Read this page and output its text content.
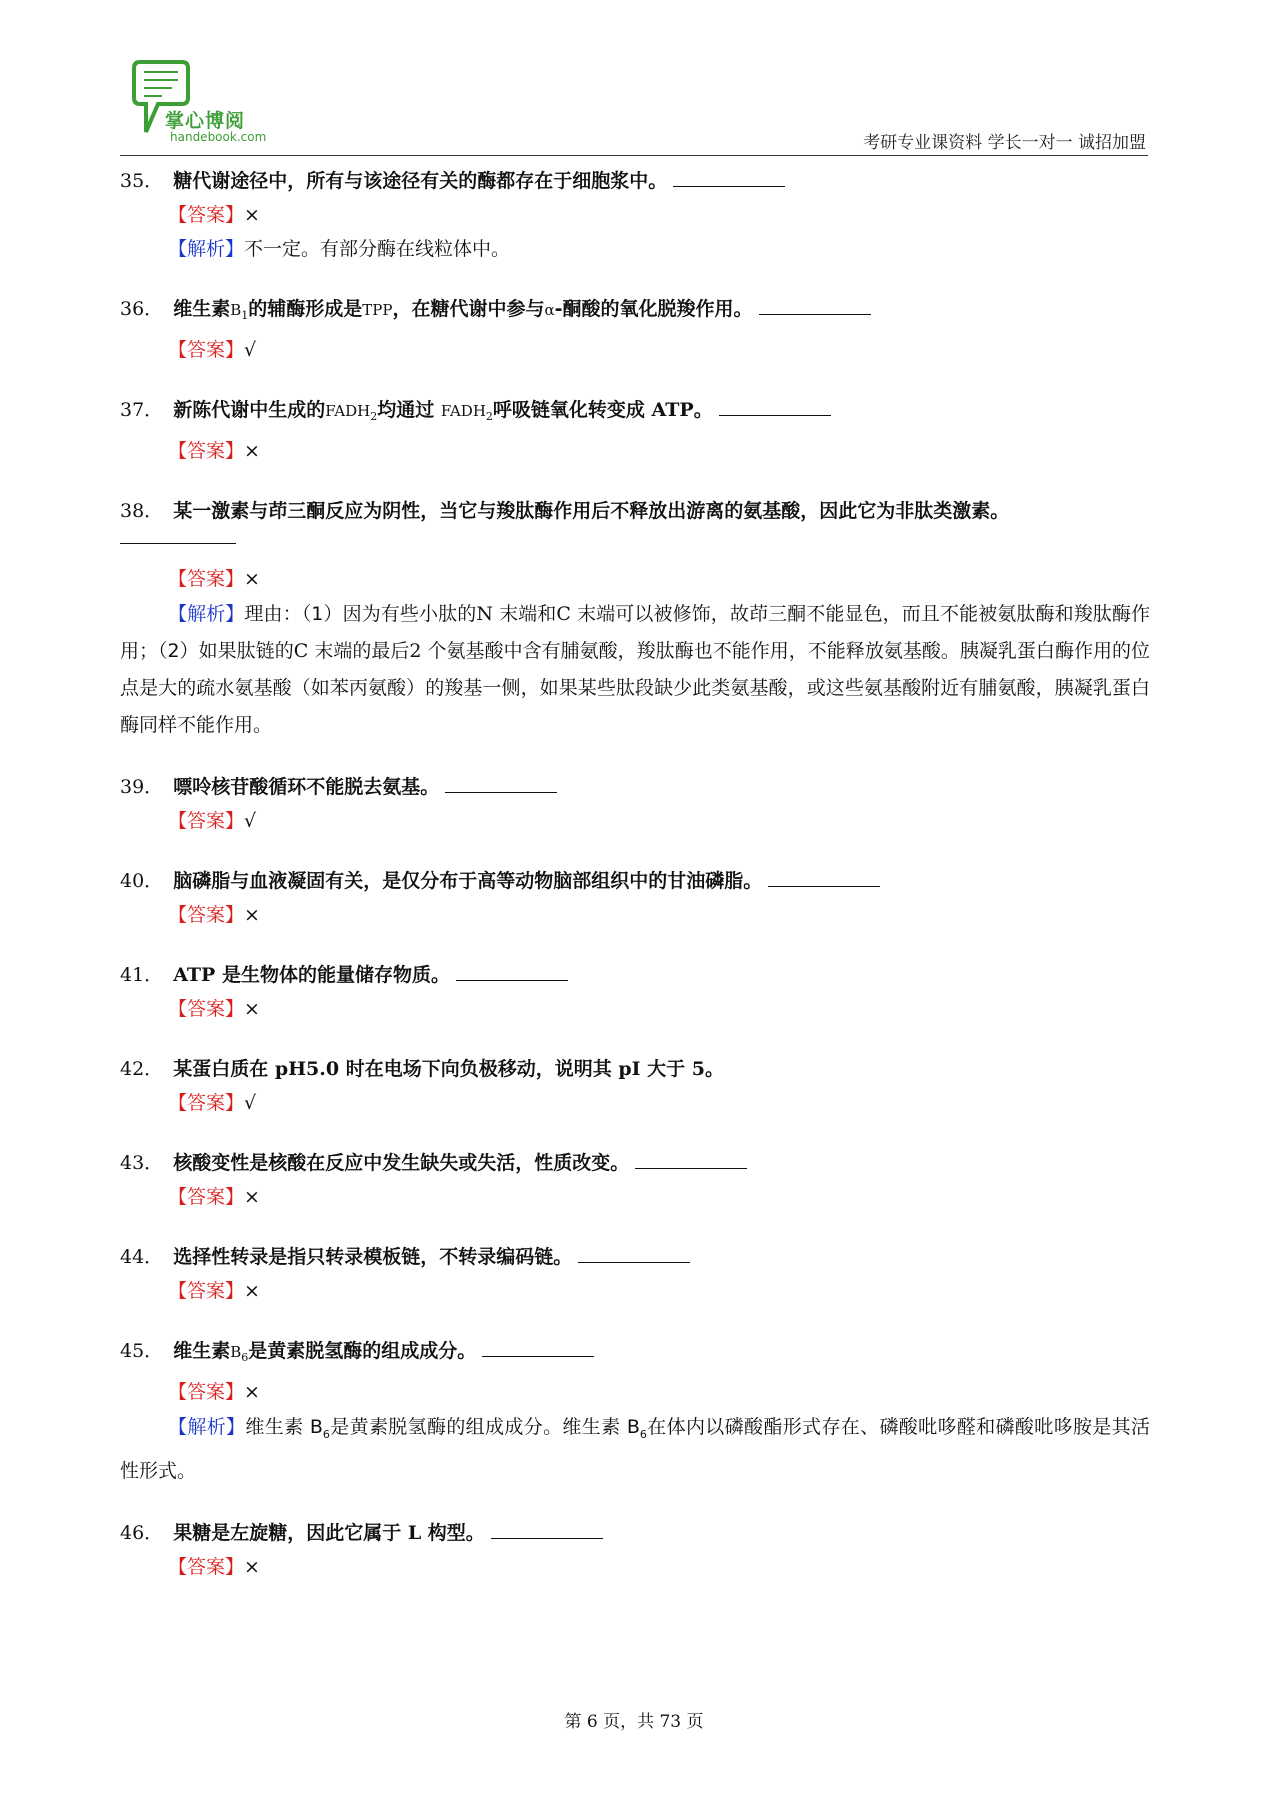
掌心博阅
handebook.com	考研专业课资料 学长一对一 诚招加盟

35． 糖代谢途径中，所有与该途径有关的酶都存在于细胞浆中。

【答案】×

【解析】不一定。有部分酶在线粒体中。

36． 维生素$B_1$的辅酶形成是TPP，在糖代谢中参与α-酮酸的氧化脱羧作用。

【答案】√

37． 新陈代谢中生成的$FADH_2$均通过 $FADH_2$呼吸链氧化转变成 ATP。

【答案】×

38． 某一激素与茚三酮反应为阴性，当它与羧肽酶作用后不释放出游离的氨基酸，因此它为非肽类激素。

【答案】×

【解析】理由：（1）因为有些小肽的N 末端和C 末端可以被修饰，故茚三酮不能显色，而且不能被氨肽酶和羧肽酶作用；（2）如果肽链的C 末端的最后2 个氨基酸中含有脯氨酸，羧肽酶也不能作用，不能释放氨基酸。胰凝乳蛋白酶作用的位点是大的疏水氨基酸（如苯丙氨酸）的羧基一侧，如果某些肽段缺少此类氨基酸，或这些氨基酸附近有脯氨酸，胰凝乳蛋白酶同样不能作用。

39． 嘌呤核苷酸循环不能脱去氨基。

【答案】√

40． 脑磷脂与血液凝固有关，是仅分布于高等动物脑部组织中的甘油磷脂。

【答案】×

41． ATP 是生物体的能量储存物质。

【答案】×

42． 某蛋白质在 pH5.0 时在电场下向负极移动，说明其 pI 大于 5。

【答案】√

43． 核酸变性是核酸在反应中发生缺失或失活，性质改变。

【答案】×

44． 选择性转录是指只转录模板链，不转录编码链。

【答案】×

45． 维生素$B_6$是黄素脱氢酶的组成成分。

【答案】×

【解析】维生素 $B_6$是黄素脱氢酶的组成成分。维生素 $B_6$在体内以磷酸酯形式存在、磷酸吡哆醛和磷酸吡哆胺是其活性形式。

46． 果糖是左旋糖，因此它属于 L 构型。

【答案】×

第 6 页，共 73 页
